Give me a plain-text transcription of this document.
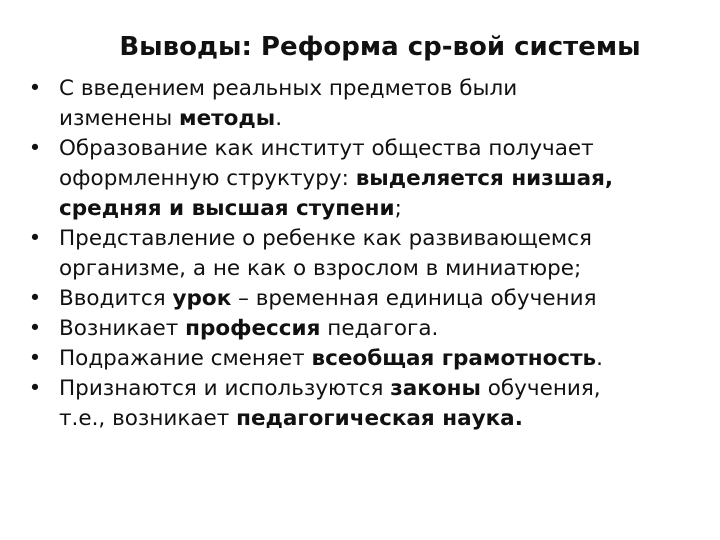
Выводы: Реформа ср-вой системы
• С введением реальных предметов были
изменены методы.
• Образование как институт общества получает
оформленную структуру: выделяется низшая,
средняя и высшая ступени;
• Представление о ребенке как развивающемся
организме, а не как о взрослом в миниатюре;
• Вводится урок – временная единица обучения
• Возникает профессия педагога.
• Подражание сменяет всеобщая грамотность.
• Признаются и используются законы обучения,
т.е., возникает педагогическая наука.
